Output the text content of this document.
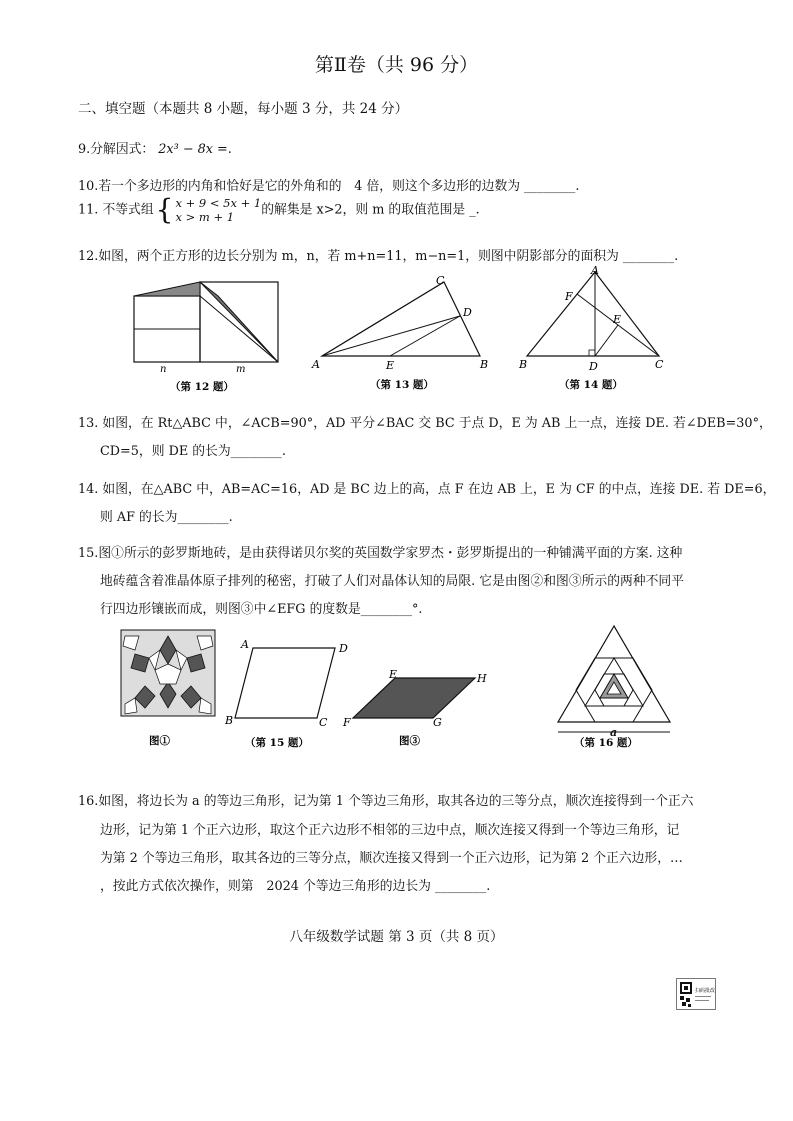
第Ⅱ卷（共 96 分）
二、填空题（本题共 8 小题，每小题 3 分，共 24 分）
9.分解因式： 2x³ − 8x =.
10.若一个多边形的内角和恰好是它的外角和的　4 倍，则这个多边形的边数为 ________.
11. 不等式组{ x + 9 < 5x + 1
x > m + 1 的解集是 x>2，则 m 的取值范围是 _.
12.如图，两个正方形的边长分别为 m，n，若 m+n=11，m−n=1，则图中阴影部分的面积为 ________.
n	m
（第 12 题）
A	B
C
D
E
（第 13 题）
A
B	C
D
E
F
（第 14 题）
13. 如图，在 Rt△ABC 中，∠ACB=90°，AD 平分∠BAC 交 BC 于点 D，E 为 AB 上一点，连接 DE. 若∠DEB=30°，
CD=5，则 DE 的长为________.
14. 如图，在△ABC 中，AB=AC=16，AD 是 BC 边上的高，点 F 在边 AB 上，E 为 CF 的中点，连接 DE. 若 DE=6，
则 AF 的长为________.
15.图①所示的彭罗斯地砖，是由获得诺贝尔奖的英国数学家罗杰・彭罗斯提出的一种铺满平面的方案. 这种
地砖蕴含着准晶体原子排列的秘密，打破了人们对晶体认知的局限. 它是由图②和图③所示的两种不同平
行四边形镶嵌而成，则图③中∠EFG 的度数是________°.
图①
A	D
B	C
（第 15 题）
E	H
F	G
图③
a
（第 16 题）
16.如图，将边长为 a 的等边三角形，记为第 1 个等边三角形，取其各边的三等分点，顺次连接得到一个正六
边形，记为第 1 个正六边形，取这个正六边形不相邻的三边中点，顺次连接又得到一个等边三角形，记
为第 2 个等边三角形，取其各边的三等分点，顺次连接又得到一个正六边形，记为第 2 个正六边形，…
，按此方式依次操作，则第　2024 个等边三角形的边长为 ________.
八年级数学试题 第 3 页（共 8 页）
扫码批改
